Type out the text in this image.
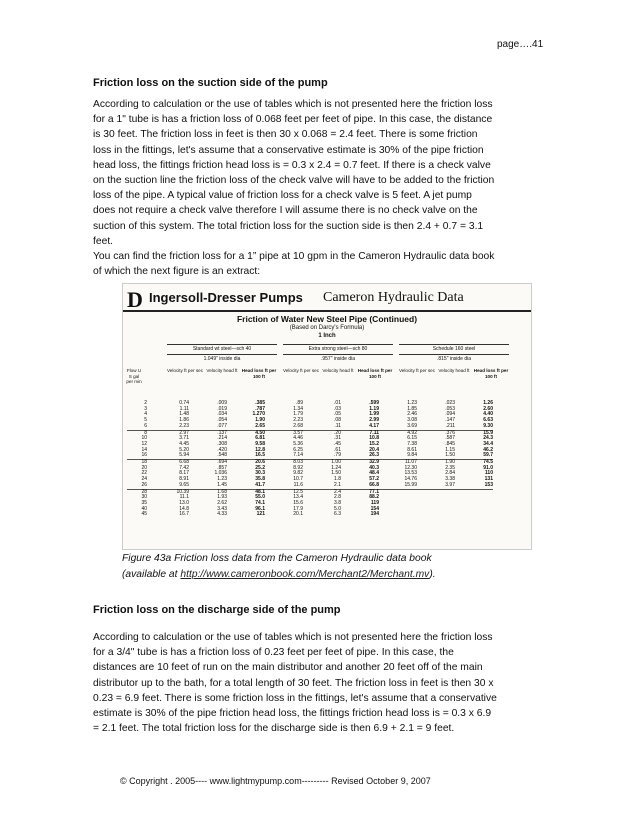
page….41
Friction loss on the suction side of the pump
According to calculation or the use of tables which is not presented here the friction loss
for a 1" tube is has a friction loss of 0.068 feet per feet of pipe. In this case, the distance
is 30 feet. The friction loss in feet is then 30 x 0.068 = 2.4 feet. There is some friction
loss in the fittings, let's assume that a conservative estimate is 30% of the pipe friction
head loss, the fittings friction head loss is = 0.3 x 2.4 = 0.7 feet. If there is a check valve
on the suction line the friction loss of the check valve will have to be added to the friction
loss of the pipe. A typical value of friction loss for a check valve is 5 feet. A jet pump
does not require a check valve therefore I will assume there is no check valve on the
suction of this system. The total friction loss for the suction side is then 2.4 + 0.7 = 3.1
feet.
You can find the friction loss for a 1” pipe at 10 gpm in the Cameron Hydraulic data book
of which the next figure is an extract:
D Ingersoll-Dresser Pumps Cameron Hydraulic Data
Friction of Water New Steel Pipe (Continued)
(Based on Darcy's Formula)
1 Inch
Standard wt steel—sch 40	Extra strong steel—sch 80	Schedule 160 steel
1.049" inside dia	.957" inside dia	.815" inside dia
Flow U S gal per min
Velocity ft per sec Velocity head ft Head loss ft per 100 ft
Velocity ft per sec Velocity head ft Head loss ft per 100 ft
Velocity ft per sec Velocity head ft Head loss ft per 100 ft
2	0.74	.009	.385	.89	.01	.599	1.23	.023	1.26
3	1.11	.019	.787	1.34	.03	1.19	1.85	.053	2.60
4	1.48	.034	1.270	1.79	.05	1.99	2.46	.094	4.40
5	1.86	.054	1.90	2.23	.08	2.99	3.08	.147	6.63
6	2.23	.077	2.65	2.68	.11	4.17	3.69	.211	9.30
8	2.97	.137	4.50	3.57	.20	7.11	4.92	.376	15.9
10	3.71	.214	6.81	4.46	.31	10.8	6.15	.587	24.3
12	4.45	.308	9.58	5.36	.45	15.2	7.38	.845	34.4
14	5.20	.420	12.8	6.25	.61	20.4	8.61	1.15	46.2
16	5.94	.548	16.5	7.14	.79	26.3	9.84	1.50	59.7
18	6.68	.694	20.6	8.03	1.00	32.9	11.07	1.90	74.5
20	7.42	.857	25.2	8.92	1.24	40.3	12.30	2.35	91.0
22	8.17	1.036	30.3	9.82	1.50	48.4	13.53	2.84	110
24	8.91	1.23	35.8	10.7	1.8	57.2	14.76	3.38	131
26	9.65	1.45	41.7	11.6	2.1	66.8	15.99	3.97	153
28	10.39	1.68	48.1	12.5	2.4	77.1			
30	11.1	1.93	55.0	13.4	2.8	88.2			
35	13.0	2.62	74.1	15.6	3.8	119			
40	14.8	3.43	96.1	17.9	5.0	154			
45	16.7	4.33	121	20.1	6.3	194			
Figure 43a Friction loss data from the Cameron Hydraulic data book
(available at http://www.cameronbook.com/Merchant2/Merchant.mv).
Friction loss on the discharge side of the pump
According to calculation or the use of tables which is not presented here the friction loss
for a 3/4" tube is has a friction loss of 0.23 feet per feet of pipe. In this case, the
distances are 10 feet of run on the main distributor and another 20 feet off of the main
distributor up to the bath, for a total length of 30 feet. The friction loss in feet is then 30 x
0.23 = 6.9 feet. There is some friction loss in the fittings, let's assume that a conservative
estimate is 30% of the pipe friction head loss, the fittings friction head loss is = 0.3 x 6.9
= 2.1 feet. The total friction loss for the discharge side is then 6.9 + 2.1 = 9 feet.
© Copyright . 2005---- www.lightmypump.com--------- Revised October 9, 2007
